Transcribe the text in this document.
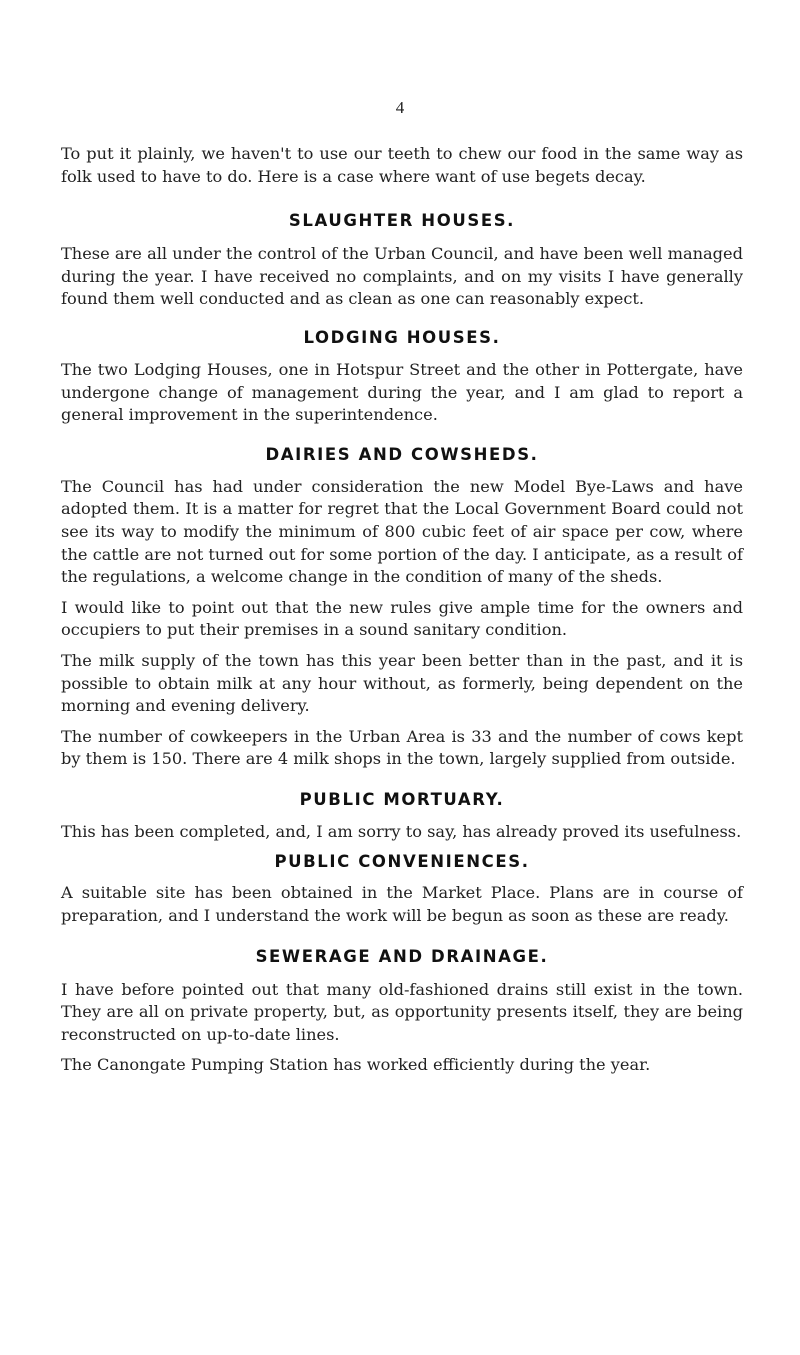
4

To put it plainly, we haven't to use our teeth to chew our food in the same way as folk used to have to do. Here is a case where want of use begets decay.

SLAUGHTER HOUSES.

These are all under the control of the Urban Council, and have been well managed during the year. I have received no complaints, and on my visits I have generally found them well conducted and as clean as one can reasonably expect.

LODGING HOUSES.

The two Lodging Houses, one in Hotspur Street and the other in Pottergate, have undergone change of management during the year, and I am glad to report a general improvement in the superintendence.

DAIRIES AND COWSHEDS.

The Council has had under consideration the new Model Bye-Laws and have adopted them. It is a matter for regret that the Local Government Board could not see its way to modify the minimum of 800 cubic feet of air space per cow, where the cattle are not turned out for some portion of the day. I anticipate, as a result of the regulations, a welcome change in the condition of many of the sheds.

I would like to point out that the new rules give ample time for the owners and occupiers to put their premises in a sound sanitary condition.

The milk supply of the town has this year been better than in the past, and it is possible to obtain milk at any hour without, as formerly, being dependent on the morning and evening delivery.

The number of cowkeepers in the Urban Area is 33 and the number of cows kept by them is 150. There are 4 milk shops in the town, largely supplied from outside.

PUBLIC MORTUARY.

This has been completed, and, I am sorry to say, has already proved its usefulness.

PUBLIC CONVENIENCES.

A suitable site has been obtained in the Market Place. Plans are in course of preparation, and I understand the work will be begun as soon as these are ready.

SEWERAGE AND DRAINAGE.

I have before pointed out that many old-fashioned drains still exist in the town. They are all on private property, but, as opportunity presents itself, they are being reconstructed on up-to-date lines.

The Canongate Pumping Station has worked efficiently during the year.
